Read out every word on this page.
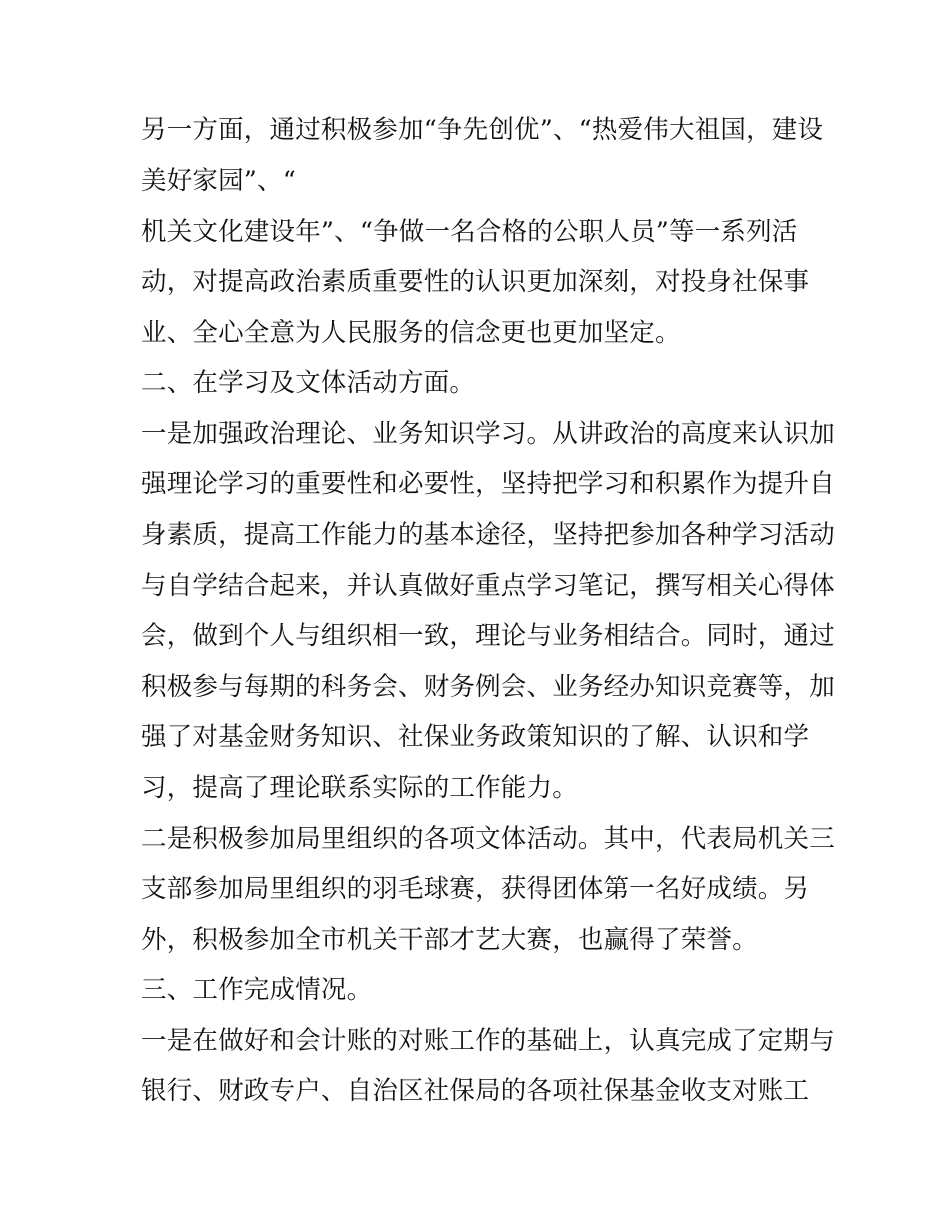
另一方面，通过积极参加“争先创优”、“热爱伟大祖国，建设
美好家园”、“
机关文化建设年”、“争做一名合格的公职人员”等一系列活
动，对提高政治素质重要性的认识更加深刻，对投身社保事
业、全心全意为人民服务的信念更也更加坚定。
二、在学习及文体活动方面。
一是加强政治理论、业务知识学习。从讲政治的高度来认识加
强理论学习的重要性和必要性，坚持把学习和积累作为提升自
身素质，提高工作能力的基本途径，坚持把参加各种学习活动
与自学结合起来，并认真做好重点学习笔记，撰写相关心得体
会，做到个人与组织相一致，理论与业务相结合。同时，通过
积极参与每期的科务会、财务例会、业务经办知识竞赛等，加
强了对基金财务知识、社保业务政策知识的了解、认识和学
习，提高了理论联系实际的工作能力。
二是积极参加局里组织的各项文体活动。其中，代表局机关三
支部参加局里组织的羽毛球赛，获得团体第一名好成绩。另
外，积极参加全市机关干部才艺大赛，也赢得了荣誉。
三、工作完成情况。
一是在做好和会计账的对账工作的基础上，认真完成了定期与
银行、财政专户、自治区社保局的各项社保基金收支对账工
